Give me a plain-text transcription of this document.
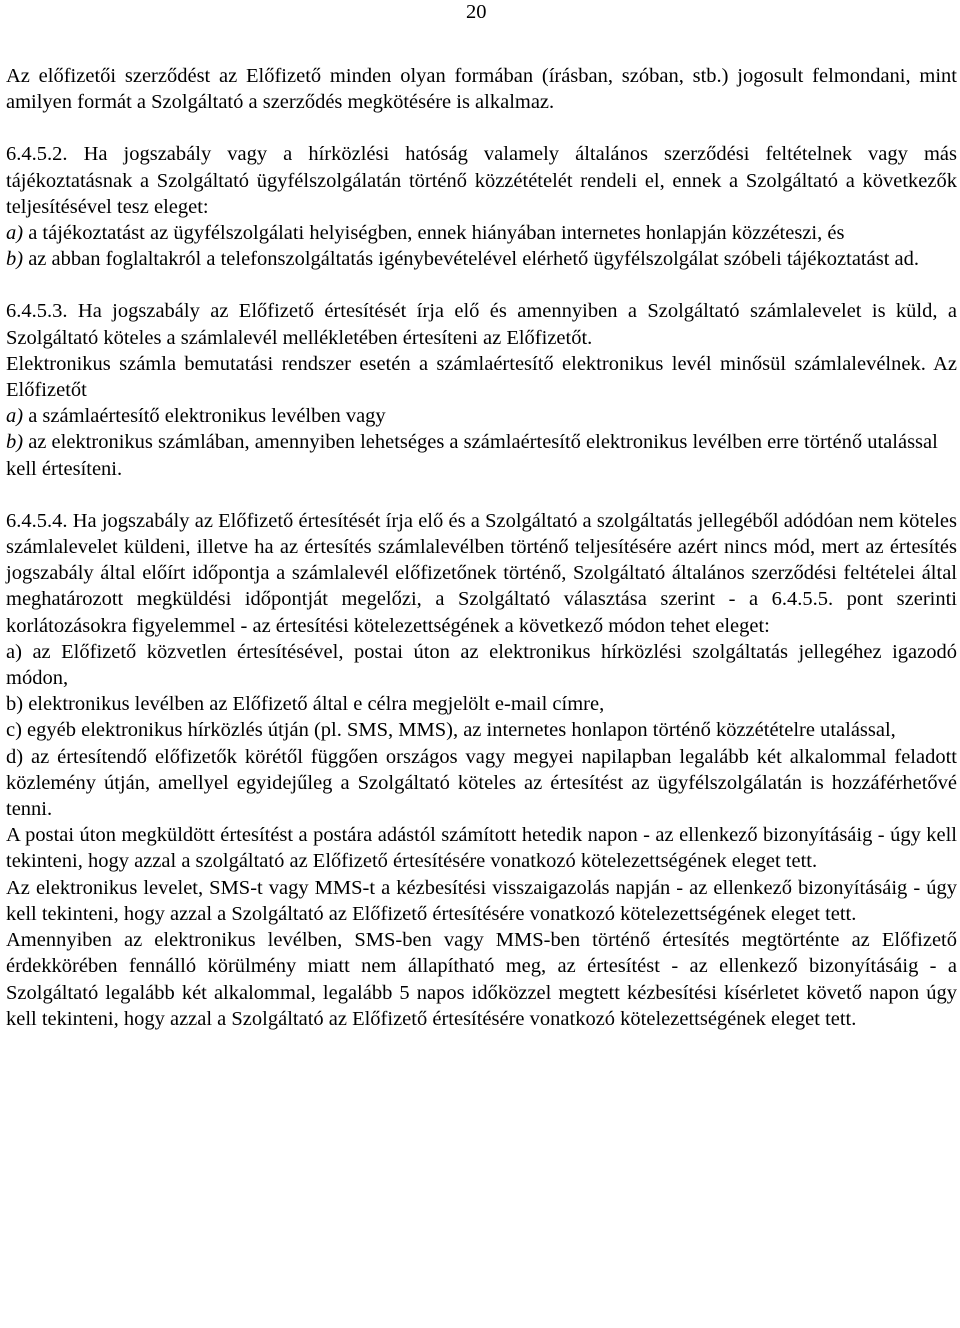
20

Az előfizetői szerződést az Előfizető minden olyan formában (írásban, szóban, stb.) jogosult felmondani, mint amilyen formát a Szolgáltató a szerződés megkötésére is alkalmaz.

6.4.5.2. Ha jogszabály vagy a hírközlési hatóság valamely általános szerződési feltételnek vagy más tájékoztatásnak a Szolgáltató ügyfélszolgálatán történő közzétételét rendeli el, ennek a Szolgáltató a következők teljesítésével tesz eleget:

a) a tájékoztatást az ügyfélszolgálati helyiségben, ennek hiányában internetes honlapján közzéteszi, és

b) az abban foglaltakról a telefonszolgáltatás igénybevételével elérhető ügyfélszolgálat szóbeli tájékoztatást ad.

6.4.5.3. Ha jogszabály az Előfizető értesítését írja elő és amennyiben a Szolgáltató számlalevelet is küld, a Szolgáltató köteles a számlalevél mellékletében értesíteni az Előfizetőt.

Elektronikus számla bemutatási rendszer esetén a számlaértesítő elektronikus levél minősül számlalevélnek. Az Előfizetőt

a) a számlaértesítő elektronikus levélben vagy

b) az elektronikus számlában, amennyiben lehetséges a számlaértesítő elektronikus levélben erre történő utalással

kell értesíteni.

6.4.5.4. Ha jogszabály az Előfizető értesítését írja elő és a Szolgáltató a szolgáltatás jellegéből adódóan nem köteles számlalevelet küldeni, illetve ha az értesítés számlalevélben történő teljesítésére azért nincs mód, mert az értesítés jogszabály által előírt időpontja a számlalevél előfizetőnek történő, Szolgáltató általános szerződési feltételei által meghatározott megküldési időpontját megelőzi, a Szolgáltató választása szerint - a 6.4.5.5. pont szerinti korlátozásokra figyelemmel - az értesítési kötelezettségének a következő módon tehet eleget:

a) az Előfizető közvetlen értesítésével, postai úton az elektronikus hírközlési szolgáltatás jellegéhez igazodó módon,

b) elektronikus levélben az Előfizető által e célra megjelölt e-mail címre,

c) egyéb elektronikus hírközlés útján (pl. SMS, MMS), az internetes honlapon történő közzétételre utalással,

d) az értesítendő előfizetők körétől függően országos vagy megyei napilapban legalább két alkalommal feladott közlemény útján, amellyel egyidejűleg a Szolgáltató köteles az értesítést az ügyfélszolgálatán is hozzáférhetővé tenni.

A postai úton megküldött értesítést a postára adástól számított hetedik napon - az ellenkező bizonyításáig - úgy kell tekinteni, hogy azzal a szolgáltató az Előfizető értesítésére vonatkozó kötelezettségének eleget tett.

Az elektronikus levelet, SMS-t vagy MMS-t a kézbesítési visszaigazolás napján - az ellenkező bizonyításáig - úgy kell tekinteni, hogy azzal a Szolgáltató az Előfizető értesítésére vonatkozó kötelezettségének eleget tett.

Amennyiben az elektronikus levélben, SMS-ben vagy MMS-ben történő értesítés megtörténte az Előfizető érdekkörében fennálló körülmény miatt nem állapítható meg, az értesítést - az ellenkező bizonyításáig - a Szolgáltató legalább két alkalommal, legalább 5 napos időközzel megtett kézbesítési kísérletet követő napon úgy kell tekinteni, hogy azzal a Szolgáltató az Előfizető értesítésére vonatkozó kötelezettségének eleget tett.
